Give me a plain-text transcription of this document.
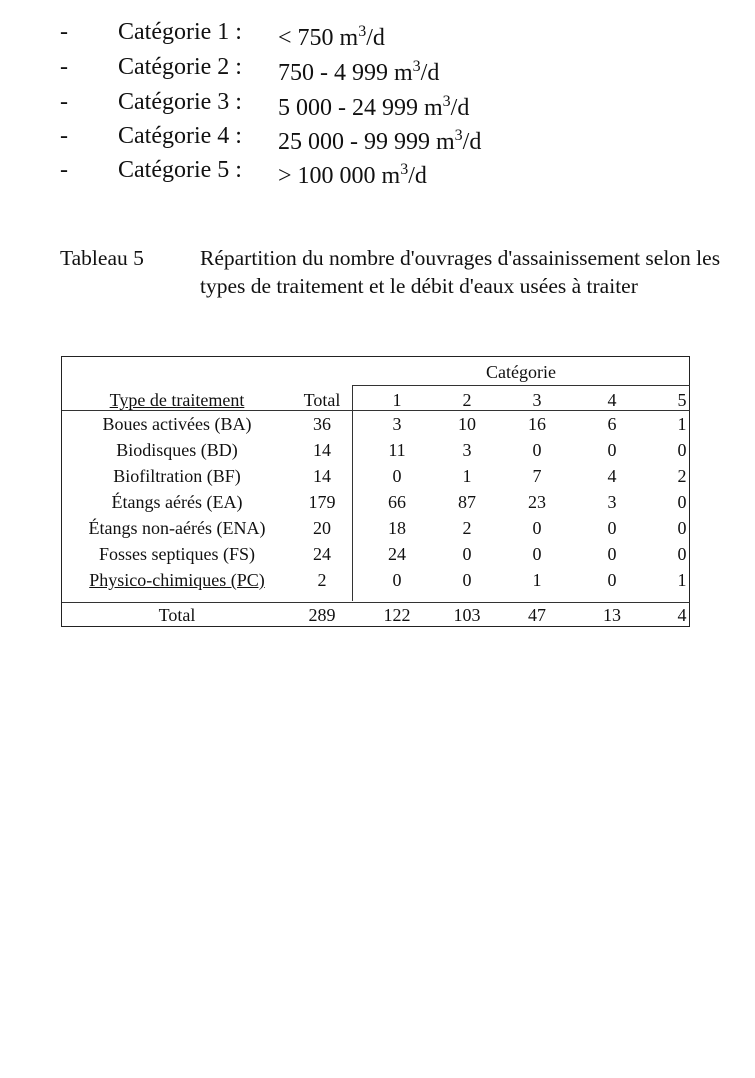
- Catégorie 1 : < 750 $m^3/d$
- Catégorie 2 : 750 - 4 999 $m^3/d$
- Catégorie 3 : 5 000 - 24 999 $m^3/d$
- Catégorie 4 : 25 000 - 99 999 $m^3/d$
- Catégorie 5 : > 100 000 $m^3/d$
Tableau 5	Répartition du nombre d'ouvrages d'assainissement selon les types de traitement et le débit d'eaux usées à traiter
Catégorie
Type de traitement	Total	1	2	3	4	5
Boues activées (BA)	36	3	10	16	6	1
Biodisques (BD)	14	11	3	0	0	0
Biofiltration (BF)	14	0	1	7	4	2
Étangs aérés (EA)	179	66	87	23	3	0
Étangs non-aérés (ENA)	20	18	2	0	0	0
Fosses septiques (FS)	24	24	0	0	0	0
Physico-chimiques (PC)	2	0	0	1	0	1
Total	289	122	103	47	13	4
